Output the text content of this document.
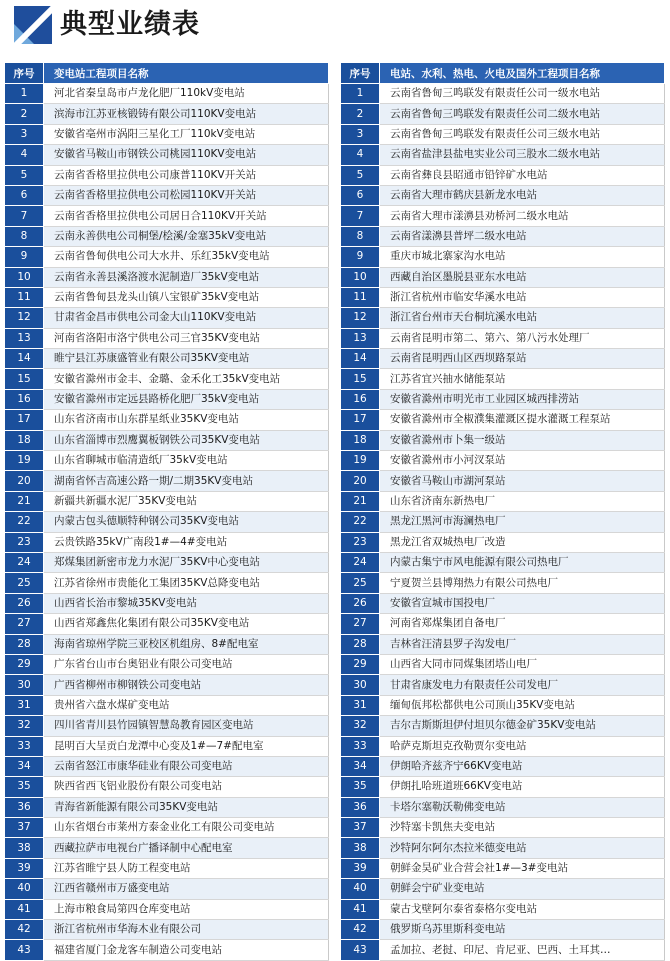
典型业绩表
序号	变电站工程项目名称
1	河北省秦皇岛市卢龙化肥厂110kV变电站
2	滨海市江苏亚核锻铸有限公司110KV变电站
3	安徽省亳州市涡阳三星化工厂110kV变电站
4	安徽省马鞍山市钢铁公司桃园110KV变电站
5	云南省香格里拉供电公司康普110KV开关站
6	云南省香格里拉供电公司松园110KV开关站
7	云南省香格里拉供电公司居日合110KV开关站
8	云南永善供电公司桐堡/桧溪/金塞35kV变电站
9	云南省鲁甸供电公司大水井、乐红35kV变电站
10	云南省永善县溪洛渡水泥制造厂35kV变电站
11	云南省鲁甸县龙头山镇八宝银矿35kV变电站
12	甘肃省金昌市供电公司金大山110KV变电站
13	河南省洛阳市洛宁供电公司三官35KV变电站
14	睢宁县江苏康盛管业有限公司35KV变电站
15	安徽省滁州市金丰、金璐、金禾化工35kV变电站
16	安徽省滁州市定远县路桥化肥厂35kV变电站
17	山东省济南市山东群星纸业35KV变电站
18	山东省淄博市烈鹰翼板钢铁公司35KV变电站
19	山东省聊城市临清造纸厂35kV变电站
20	湖南省怀吉高速公路一期/二期35KV变电站
21	新疆共新疆水泥厂35KV变电站
22	内蒙古包头德顺特种钢公司35KV变电站
23	云贵铁路35kV广南段1#—4#变电站
24	郑煤集团新密市龙力水泥厂35KV中心变电站
25	江苏省徐州市贵能化工集团35KV总降变电站
26	山西省长治市黎城35KV变电站
27	山西省郑鑫焦化集团有限公司35KV变电站
28	海南省琼州学院三亚校区机组房、8#配电室
29	广东省台山市台奥铝业有限公司变电站
30	广西省柳州市柳钢铁公司变电站
31	贵州省六盘水煤矿变电站
32	四川省青川县竹园镇智慧岛教育园区变电站
33	昆明百大呈贡白龙潭中心变及1#—7#配电室
34	云南省怒江市康华硅业有限公司变电站
35	陕西省西飞铝业股份有限公司变电站
36	青海省新能源有限公司35KV变电站
37	山东省烟台市莱州方泰金业化工有限公司变电站
38	西藏拉萨市电视台广播译制中心配电室
39	江苏省睢宁县人防工程变电站
40	江西省赣州市万盛变电站
41	上海市粮食局第四仓库变电站
42	浙江省杭州市华海木业有限公司
43	福建省厦门金龙客车制造公司变电站
序号	电站、水利、热电、火电及国外工程项目名称
1	云南省鲁甸三鸣联发有限责任公司一级水电站
2	云南省鲁甸三鸣联发有限责任公司二级水电站
3	云南省鲁甸三鸣联发有限责任公司三级水电站
4	云南省盐津县盐电实业公司三股水二级水电站
5	云南省彝良县昭通市铅锌矿水电站
6	云南省大理市鹤庆县新龙水电站
7	云南省大理市漾濞县劝桥河二级水电站
8	云南省漾濞县普坪二级水电站
9	重庆市城北寨家沟水电站
10	西藏自治区墨脱县亚东水电站
11	浙江省杭州市临安华溪水电站
12	浙江省台州市天台桐坑溪水电站
13	云南省昆明市第二、第六、第八污水处理厂
14	云南省昆明西山区西坝路泵站
15	江苏省宜兴抽水储能泵站
16	安徽省滁州市明光市工业园区城西排涝站
17	安徽省滁州市全椒濮集灌溉区提水灌溉工程泵站
18	安徽省滁州市卜集一级站
19	安徽省滁州市小河汊泵站
20	安徽省马鞍山市湖河泵站
21	山东省济南东新热电厂
22	黑龙江黑河市海澜热电厂
23	黑龙江省双城热电厂改造
24	内蒙古集宁市风电能源有限公司热电厂
25	宁夏贺兰县博翔热力有限公司热电厂
26	安徽省宣城市国投电厂
27	河南省郑煤集团自备电厂
28	吉林省汪清县罗子沟发电厂
29	山西省大同市同煤集团塔山电厂
30	甘肃省康发电力有限责任公司发电厂
31	缅甸佤邦松都供电公司顶山35KV变电站
32	吉尔吉斯斯坦伊付坦贝尔德金矿35KV变电站
33	哈萨克斯坦克孜勒贾尔变电站
34	伊朗哈齐兹齐宁66KV变电站
35	伊朗扎哈班道班66KV变电站
36	卡塔尔塞勒沃勒佛变电站
37	沙特塞卡凯焦夫变电站
38	沙特阿尔阿尔杰拉米德变电站
39	朝鲜金昊矿业合营会社1#—3#变电站
40	朝鲜会宁矿业变电站
41	蒙古戈壁阿尔泰省泰格尔变电站
42	俄罗斯乌苏里斯科变电站
43	孟加拉、老挝、印尼、肯尼亚、巴西、土耳其…
